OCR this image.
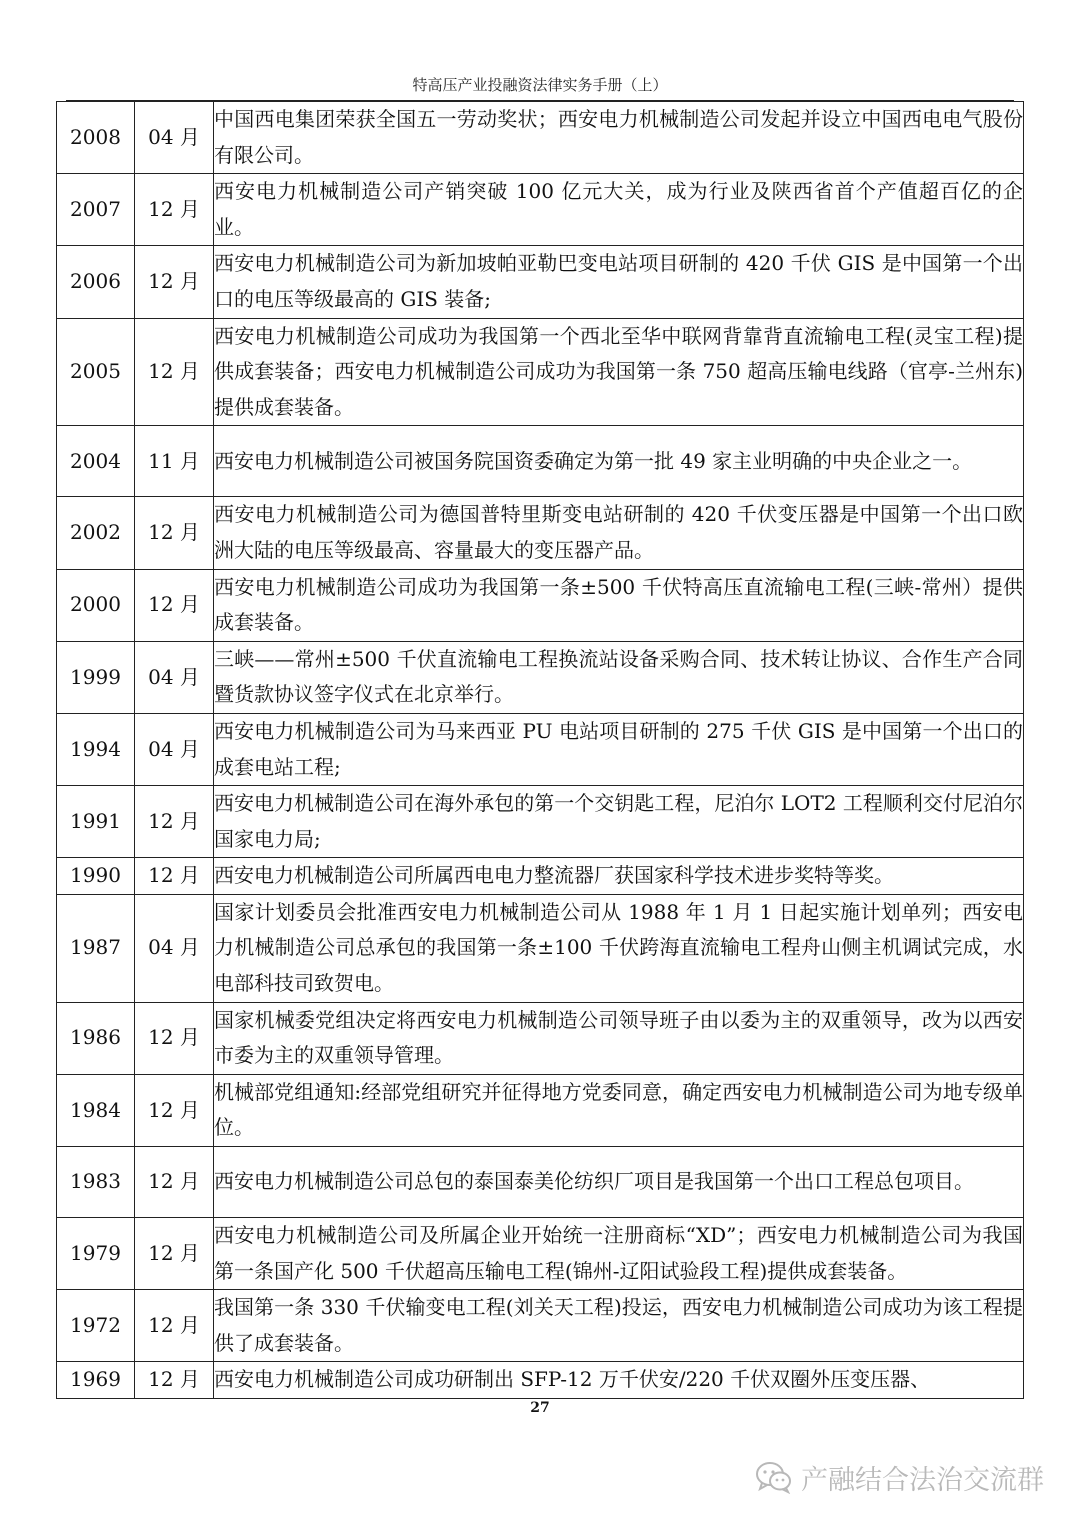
特高压产业投融资法律实务手册（上）
2008	04 月	中国西电集团荣获全国五一劳动奖状；西安电力机械制造公司发起并设立中国西电电气股份有限公司。
2007	12 月	西安电力机械制造公司产销突破 100 亿元大关，成为行业及陕西省首个产值超百亿的企业。
2006	12 月	西安电力机械制造公司为新加坡帕亚勒巴变电站项目研制的 420 千伏 GIS 是中国第一个出口的电压等级最高的 GIS 装备;
2005	12 月	西安电力机械制造公司成功为我国第一个西北至华中联网背靠背直流输电工程(灵宝工程)提供成套装备；西安电力机械制造公司成功为我国第一条 750 超高压输电线路（官亭-兰州东)提供成套装备。
2004	11 月	西安电力机械制造公司被国务院国资委确定为第一批 49 家主业明确的中央企业之一。
2002	12 月	西安电力机械制造公司为德国普特里斯变电站研制的 420 千伏变压器是中国第一个出口欧洲大陆的电压等级最高、容量最大的变压器产品。
2000	12 月	西安电力机械制造公司成功为我国第一条±500 千伏特高压直流输电工程(三峡-常州）提供成套装备。
1999	04 月	三峡——常州±500 千伏直流输电工程换流站设备采购合同、技术转让协议、合作生产合同暨货款协议签字仪式在北京举行。
1994	04 月	西安电力机械制造公司为马来西亚 PU 电站项目研制的 275 千伏 GIS 是中国第一个出口的成套电站工程;
1991	12 月	西安电力机械制造公司在海外承包的第一个交钥匙工程，尼泊尔 LOT2 工程顺利交付尼泊尔国家电力局;
1990	12 月	西安电力机械制造公司所属西电电力整流器厂获国家科学技术进步奖特等奖。
1987	04 月	国家计划委员会批准西安电力机械制造公司从 1988 年 1 月 1 日起实施计划单列；西安电力机械制造公司总承包的我国第一条±100 千伏跨海直流输电工程舟山侧主机调试完成，水电部科技司致贺电。
1986	12 月	国家机械委党组决定将西安电力机械制造公司领导班子由以委为主的双重领导，改为以西安市委为主的双重领导管理。
1984	12 月	机械部党组通知:经部党组研究并征得地方党委同意，确定西安电力机械制造公司为地专级单位。
1983	12 月	西安电力机械制造公司总包的泰国泰美伦纺织厂项目是我国第一个出口工程总包项目。
1979	12 月	西安电力机械制造公司及所属企业开始统一注册商标“XD”；西安电力机械制造公司为我国第一条国产化 500 千伏超高压输电工程(锦州-辽阳试验段工程)提供成套装备。
1972	12 月	我国第一条 330 千伏输变电工程(刘关天工程)投运，西安电力机械制造公司成功为该工程提供了成套装备。
1969	12 月	西安电力机械制造公司成功研制出 SFP-12 万千伏安/220 千伏双圈外压变压器、
27
产融结合法治交流群
